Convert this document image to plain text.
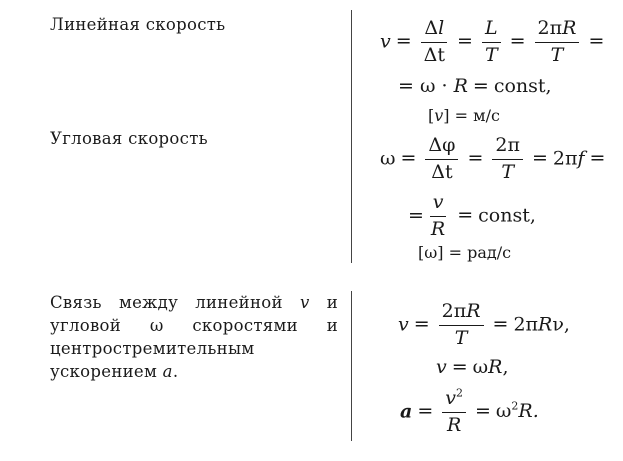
Линейная скорость
Угловая скорость
Связь между линейной v и угловой ω скоростями и центростремительным ускорением a.
$v = \frac{\Delta l}{\Delta t} = \frac{L}{T} = \frac{2\pi R}{T}$ =
= ω · R = const,
[v] = м/с
$\omega = \frac{\Delta\varphi}{\Delta t} = \frac{2\pi}{T} = 2\pi f$ =
= $\frac{v}{R}$ = const,
[ω] = рад/с
$v = \frac{2\pi R}{T} = 2\pi R\nu$,
v = ωR,
$a = \frac{v^2}{R} = \omega^2R$.
